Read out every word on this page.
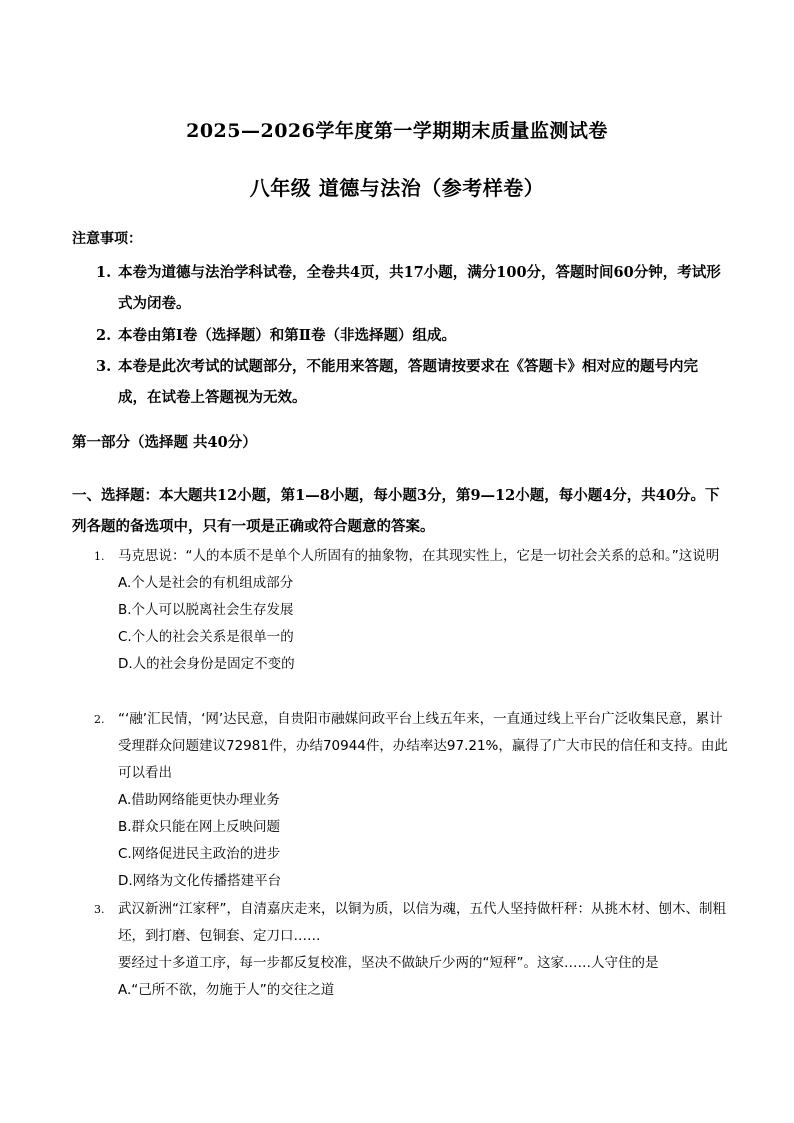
2025—2026学年度第一学期期末质量监测试卷
八年级 道德与法治（参考样卷）
注意事项：
1. 本卷为道德与法治学科试卷，全卷共4页，共17小题，满分100分，答题时间60分钟，考试形式为闭卷。
2. 本卷由第Ⅰ卷（选择题）和第Ⅱ卷（非选择题）组成。
3. 本卷是此次考试的试题部分，不能用来答题，答题请按要求在《答题卡》相对应的题号内完成，在试卷上答题视为无效。
第一部分（选择题 共40分）
一、选择题：本大题共12小题，第1—8小题，每小题3分，第9—12小题，每小题4分，共40分。下列各题的备选项中，只有一项是正确或符合题意的答案。
1. 马克思说：“人的本质不是单个人所固有的抽象物，在其现实性上，它是一切社会关系的总和。”这说明
A.个人是社会的有机组成部分
B.个人可以脱离社会生存发展
C.个人的社会关系是很单一的
D.人的社会身份是固定不变的
2. “‘融’汇民情，‘网’达民意，自贵阳市融媒问政平台上线五年来，一直通过线上平台广泛收集民意，累计受理群众问题建议72981件，办结70944件，办结率达97.21%，赢得了广大市民的信任和支持。由此可以看出
A.借助网络能更快办理业务
B.群众只能在网上反映问题
C.网络促进民主政治的进步
D.网络为文化传播搭建平台
3. 武汉新洲“江家秤”，自清嘉庆走来，以铜为质，以信为魂，五代人坚持做杆秤：从挑木材、刨木、制粗坯，到打磨、包铜套、定刀口……
要经过十多道工序，每一步都反复校准，坚决不做缺斤少两的“短秤”。这家……人守住的是
A.“己所不欲，勿施于人”的交往之道
